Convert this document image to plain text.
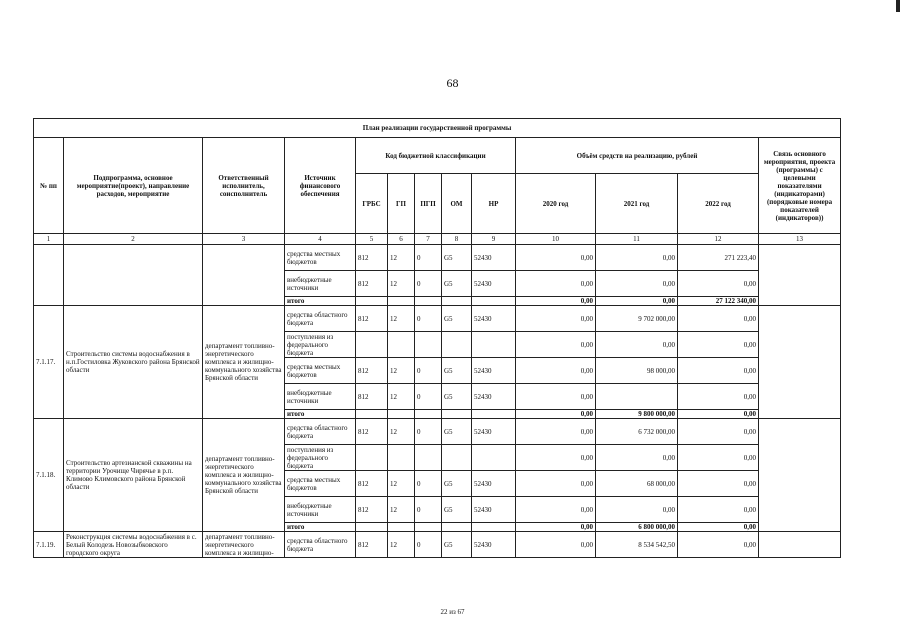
68
План реализации государственной программы												
№ пп	Подпрограмма, основное мероприятие(проект), направление расходов, мероприятие	Ответственный исполнитель, соисполнитель	Источник финансового обеспечения	Код бюджетной классификации					Объём средств на реализацию, рублей			Связь основного мероприятия, проекта (программы) с целевыми показателями (индикаторами) (порядковые номера показателей (индикаторов))
				ГРБС	ГП	ПГП	ОМ	НР	2020 год	2021 год	2022 год	
1	2	3	4	5	6	7	8	9	10	11	12	13
			средства местных бюджетов	812	12	0	G5	52430	0,00	0,00	271 223,40	
			внебюджетные источники	812	12	0	G5	52430	0,00	0,00	0,00	
			итого						0,00	0,00	27 122 340,00	
7.1.17.	Строительство системы водоснабжения в н.п.Гостиловка Жуковского района Брянской области	департамент топливно-энергетического комплекса и жилищно-коммунального хозяйства Брянской области	средства областного бюджета	812	12	0	G5	52430	0,00	9 702 000,00	0,00	
			поступления из федерального бюджета						0,00	0,00	0,00	
			средства местных бюджетов	812	12	0	G5	52430	0,00	98 000,00	0,00	
			внебюджетные источники	812	12	0	G5	52430	0,00		0,00	
			итого						0,00	9 800 000,00	0,00	
7.1.18.	Строительство артезианской скважины на территории Урочище Чирячье в р.п. Климово Климовского района Брянской области	департамент топливно-энергетического комплекса и жилищно-коммунального хозяйства Брянской области	средства областного бюджета	812	12	0	G5	52430	0,00	6 732 000,00	0,00	
			поступления из федерального бюджета						0,00	0,00	0,00	
			средства местных бюджетов	812	12	0	G5	52430	0,00	68 000,00	0,00	
			внебюджетные источники	812	12	0	G5	52430	0,00	0,00	0,00	
			итого						0,00	6 800 000,00	0,00	
7.1.19.	Реконструкция системы водоснабжения в с. Белый Колодезь Новозыбковского городского округа	департамент топливно-энергетического комплекса и жилищно-	средства областного бюджета	812	12	0	G5	52430	0,00	8 534 542,50	0,00	
22 из 67
